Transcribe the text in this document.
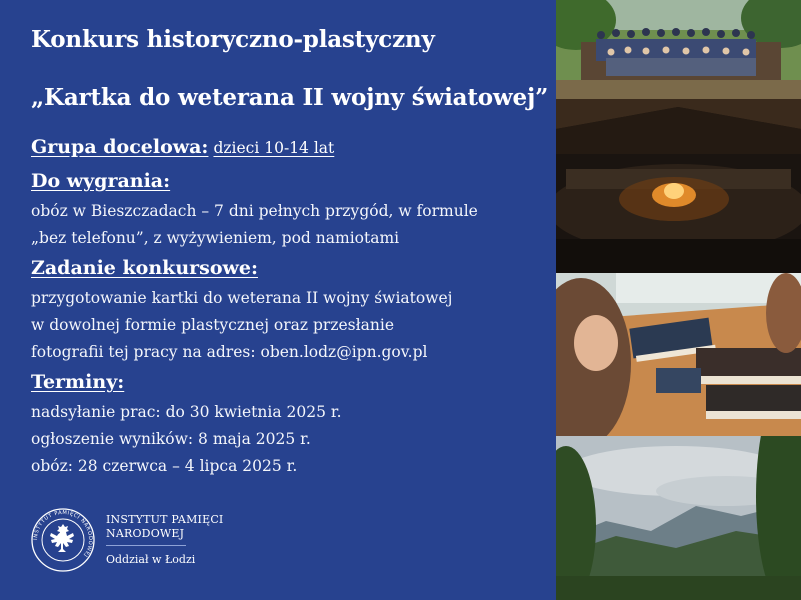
Konkurs historyczno-plastyczny
„Kartka do weterana II wojny światowej”
Grupa docelowa: dzieci 10-14 lat
Do wygrania:
obóz w Bieszczadach – 7 dni pełnych przygód, w formule
„bez telefonu”, z wyżywieniem, pod namiotami
Zadanie konkursowe:
przygotowanie kartki do weterana II wojny światowej
w dowolnej formie plastycznej oraz przesłanie
fotografii tej pracy na adres: oben.lodz@ipn.gov.pl
Terminy:
nadsyłanie prac: do 30 kwietnia 2025 r.
ogłoszenie wyników: 8 maja 2025 r.
obóz: 28 czerwca – 4 lipca 2025 r.
INSTYTUT PAMIĘCI NARODOWEJ
INSTYTUT PAMIĘCI
NARODOWEJ
Oddział w Łodzi
